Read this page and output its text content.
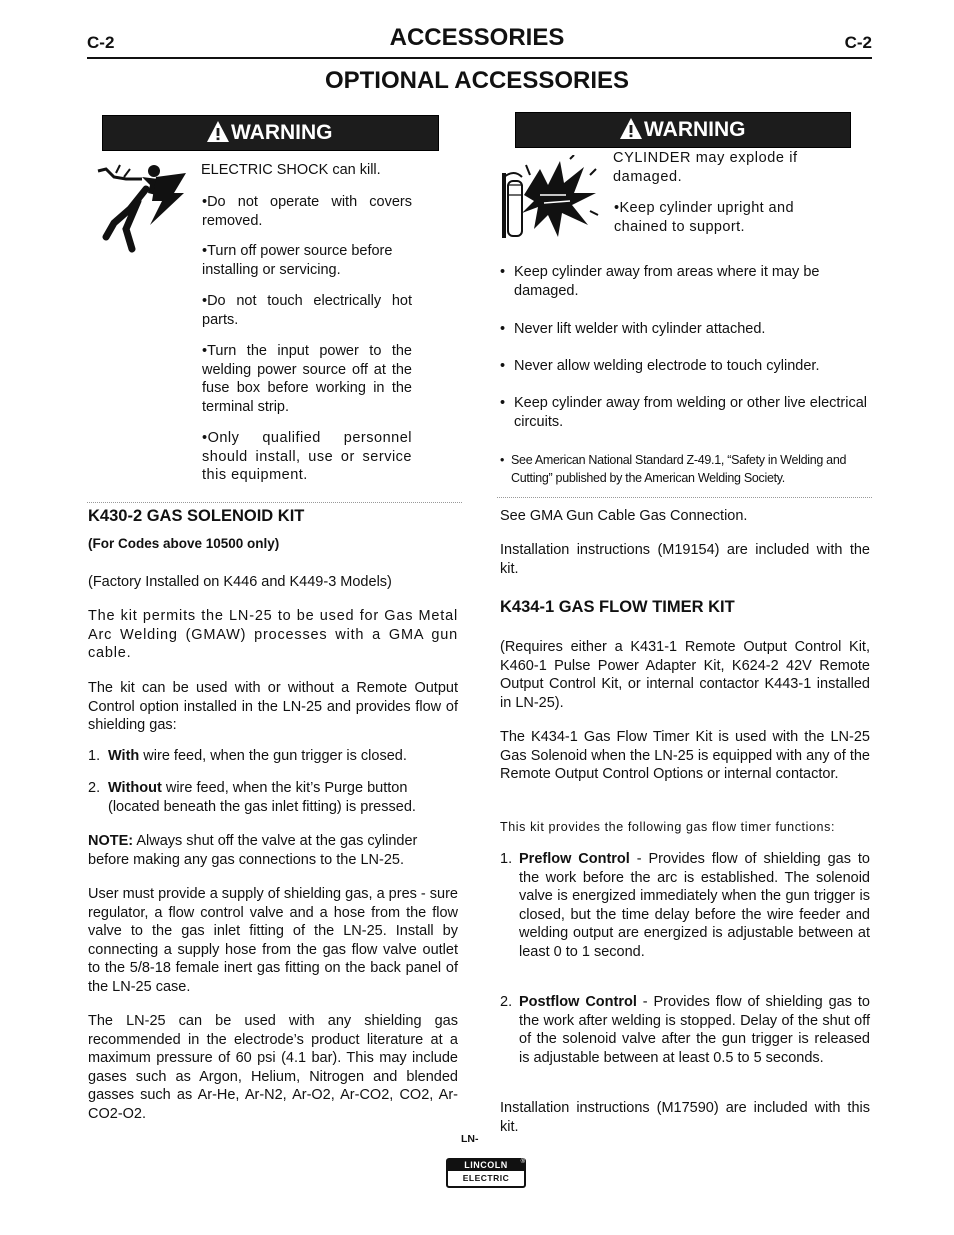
C-2	C-2
ACCESSORIES
OPTIONAL ACCESSORIES
WARNING
ELECTRIC SHOCK can kill.
•Do not operate with covers removed.
•Turn off power source before installing or servicing.
•Do not touch electrically hot parts.
•Turn the input power to the welding power source off at the fuse box before working in the terminal strip.
•Only qualified personnel should install, use or service this equipment.
WARNING
CYLINDER may explode if damaged.
•Keep cylinder upright and chained to support.
• Keep cylinder away from areas where it may be damaged.
• Never lift welder with cylinder attached.
• Never allow welding electrode to touch cylinder.
• Keep cylinder away from welding or other live electrical circuits.
• See American National Standard Z-49.1, “Safety in Welding and Cutting” published by the American Welding Society.
K430-2 GAS SOLENOID KIT
(For Codes above 10500 only)
(Factory Installed on K446 and K449-3 Models)
The kit permits the LN-25 to be used for Gas Metal Arc Welding (GMAW) processes with a GMA gun cable.
The kit can be used with or without a Remote Output Control option installed in the LN-25 and provides flow of shielding gas:
1. With wire feed, when the gun trigger is closed.
2. Without wire feed, when the kit’s Purge button (located beneath the gas inlet fitting) is pressed.
NOTE: Always shut off the valve at the gas cylinder before making any gas connections to the LN-25.
User must provide a supply of shielding gas, a pres - sure regulator, a flow control valve and a hose from the flow valve to the gas inlet fitting of the LN-25. Install by connecting a supply hose from the gas flow valve outlet to the 5/8-18 female inert gas fitting on the back panel of the LN-25 case.
The LN-25 can be used with any shielding gas recommended in the electrode’s product literature at a maximum pressure of 60 psi (4.1 bar). This may include gases such as Argon, Helium, Nitrogen and blended gasses such as Ar-He, Ar-N2, Ar-O2, Ar-CO2, CO2, Ar-CO2-O2.
See GMA Gun Cable Gas Connection.
Installation instructions (M19154) are included with the kit.
K434-1 GAS FLOW TIMER KIT
(Requires either a K431-1 Remote Output Control Kit, K460-1 Pulse Power Adapter Kit, K624-2 42V Remote Output Control Kit, or internal contactor K443-1 installed in LN-25).
The K434-1 Gas Flow Timer Kit is used with the LN-25 Gas Solenoid when the LN-25 is equipped with any of the Remote Output Control Options or internal contactor.
This kit provides the following gas flow timer functions:
1. Preflow Control - Provides flow of shielding gas to the work before the arc is established. The solenoid valve is energized immediately when the gun trigger is closed, but the time delay before the wire feeder and welding output are energized is adjustable between at least 0 to 1 second.
2. Postflow Control - Provides flow of shielding gas to the work after welding is stopped. Delay of the shut off of the solenoid valve after the gun trigger is released is adjustable between at least 0.5 to 5 seconds.
Installation instructions (M17590) are included with this kit.
LN-
LINCOLN
ELECTRIC
®
